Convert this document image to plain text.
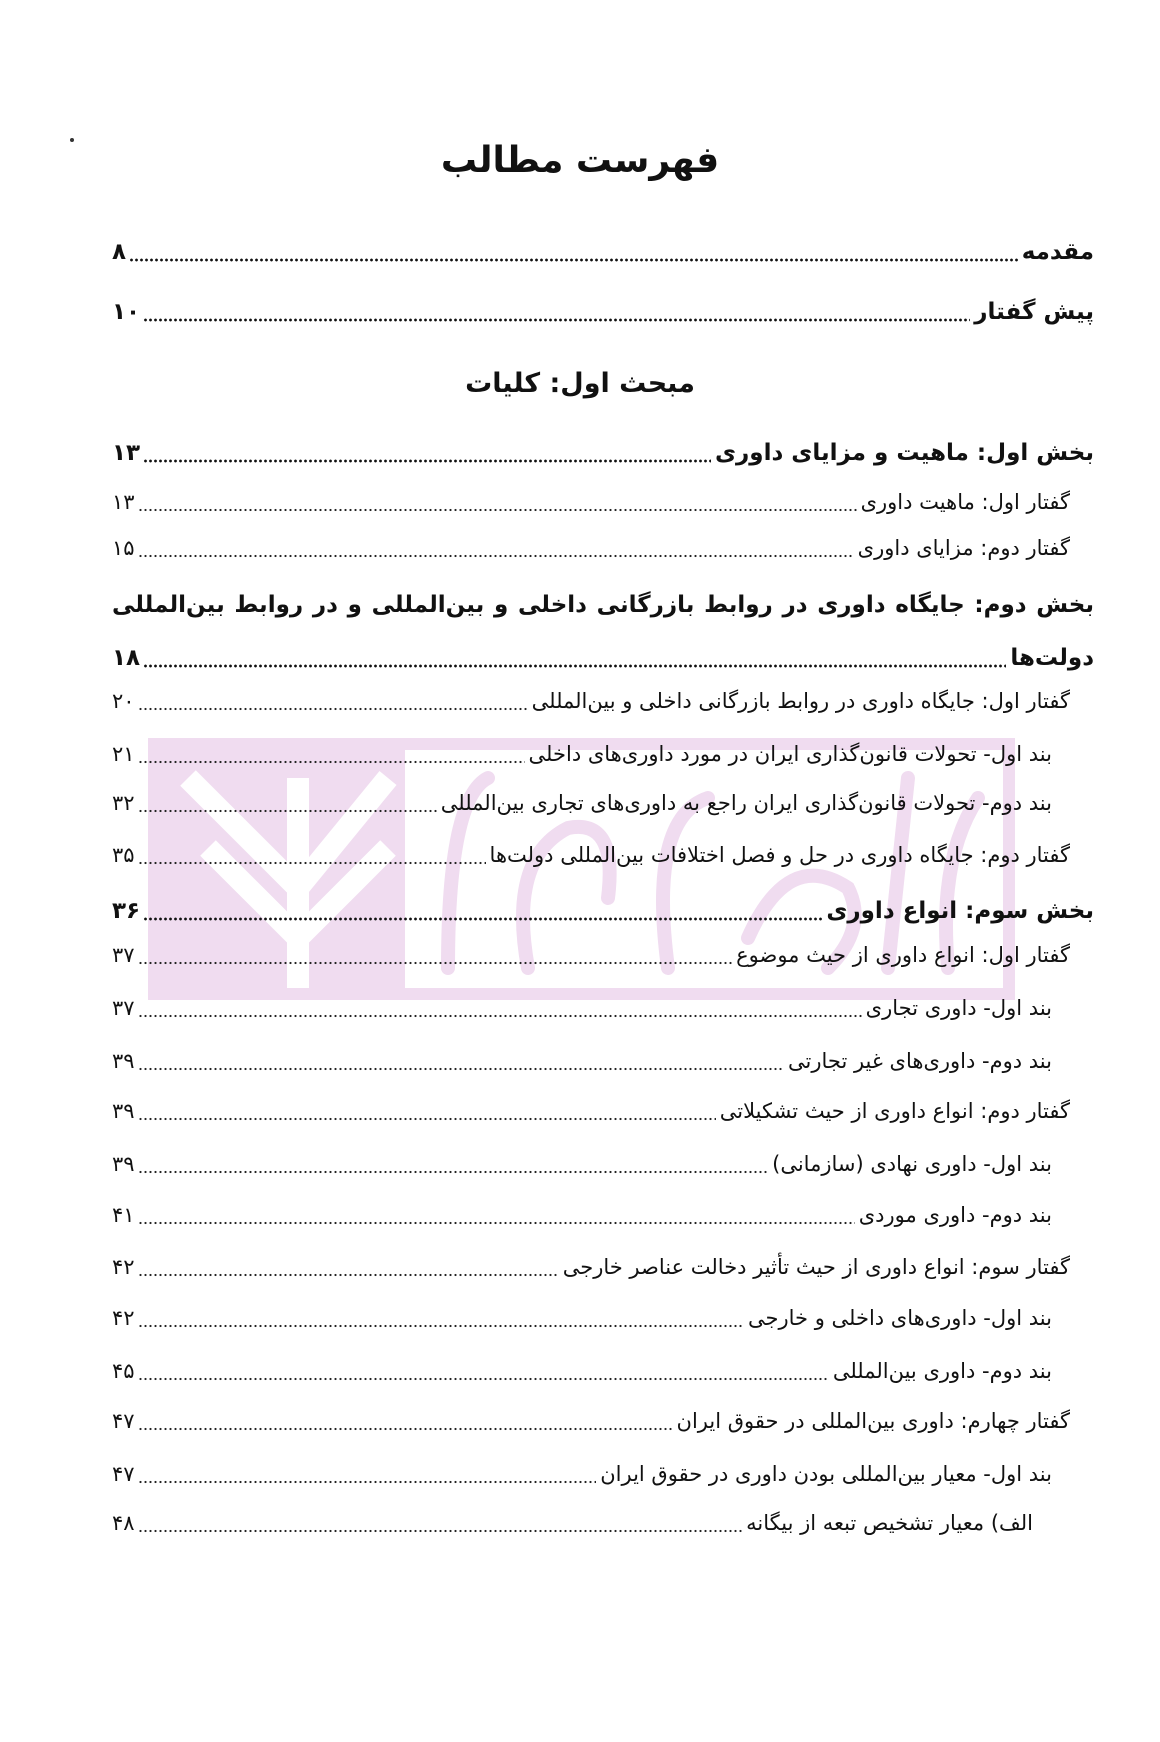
فهرست مطالب
مقدمه
۸
پیش گفتار
۱۰
مبحث اول: کلیات
بخش اول: ماهیت و مزایای داوری
۱۳
گفتار اول: ماهیت داوری
۱۳
گفتار دوم: مزایای داوری
۱۵
بخش دوم: جایگاه داوری در روابط بازرگانی داخلی و بین‌المللی و در روابط بین‌المللی
دولت‌ها
۱۸
گفتار اول: جایگاه داوری در روابط بازرگانی داخلی و بین‌المللی
۲۰
بند اول- تحولات قانون‌گذاری ایران در مورد داوری‌های داخلی
۲۱
بند دوم- تحولات قانون‌گذاری ایران راجع به داوری‌های تجاری بین‌المللی
۳۲
گفتار دوم: جایگاه داوری در حل و فصل اختلافات بین‌المللی دولت‌ها
۳۵
بخش سوم: انواع داوری
۳۶
گفتار اول: انواع داوری از حیث موضوع
۳۷
بند اول- داوری تجاری
۳۷
بند دوم- داوری‌های غیر تجارتی
۳۹
گفتار دوم: انواع داوری از حیث تشکیلاتی
۳۹
بند اول- داوری نهادی (سازمانی)
۳۹
بند دوم- داوری موردی
۴۱
گفتار سوم: انواع داوری از حیث تأثیر دخالت عناصر خارجی
۴۲
بند اول- داوری‌های داخلی و خارجی
۴۲
بند دوم- داوری بین‌المللی
۴۵
گفتار چهارم: داوری بین‌المللی در حقوق ایران
۴۷
بند اول- معیار بین‌المللی بودن داوری در حقوق ایران
۴۷
الف) معیار تشخیص تبعه از بیگانه
۴۸
